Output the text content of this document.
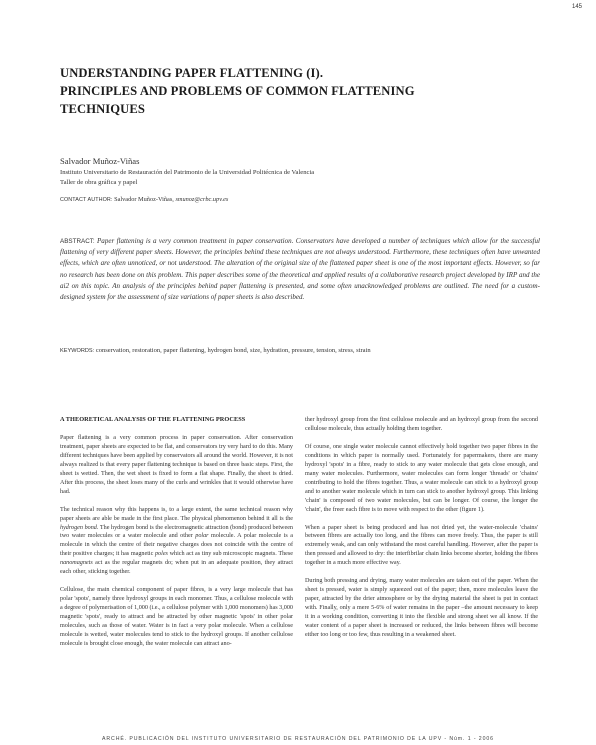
145
UNDERSTANDING PAPER FLATTENING (I).
PRINCIPLES AND PROBLEMS OF COMMON FLATTENING
TECHNIQUES
Salvador Muñoz-Viñas
Instituto Universitario de Restauración del Patrimonio de la Universidad Politécnica de Valencia
Taller de obra gráfica y papel
CONTACT AUTHOR: Salvador Muñoz-Viñas, smunoz@crbc.upv.es
ABSTRACT: Paper flattening is a very common treatment in paper conservation. Conservators have developed a number of techniques which allow for the successful flattening of very different paper sheets. However, the principles behind these techniques are not always understood. Furthermore, these techniques often have unwanted effects, which are often unnoticed, or not understood. The alteration of the original size of the flattened paper sheet is one of the most important effects. However, so far no research has been done on this problem. This paper describes some of the theoretical and applied results of a collaborative research project developed by IRP and the ai2 on this topic. An analysis of the principles behind paper flattening is presented, and some often unacknowledged problems are outlined. The need for a custom-designed system for the assessment of size variations of paper sheets is also described.
KEYWORDS: conservation, restoration, paper flattening, hydrogen bond, size, hydration, pressure, tension, stress, strain
A THEORETICAL ANALYSIS OF THE FLATTENING PROCESS

Paper flattening is a very common process in paper conservation. After conservation treatment, paper sheets are expected to be flat, and conservators try very hard to do this. Many different techniques have been applied by conservators all around the world. However, it is not always realized is that every paper flattening technique is based on three basic steps. First, the sheet is wetted. Then, the wet sheet is fixed to form a flat shape. Finally, the sheet is dried. After this process, the sheet loses many of the curls and wrinkles that it would otherwise have had.

The technical reason why this happens is, to a large extent, the same technical reason why paper sheets are able be made in the first place. The physical phenomenon behind it all is the hydrogen bond. The hydrogen bond is the electromagnetic attraction (bond) produced between two water molecules or a water molecule and other polar molecule. A polar molecule is a molecule in which the centre of their negative charges does not coincide with the centre of their positive charges; it has magnetic poles which act as tiny sub microscopic magnets. These nanomagnets act as the regular magnets do; when put in an adequate position, they attract each other, sticking together.

Cellulose, the main chemical component of paper fibres, is a very large molecule that has polar 'spots', namely three hydroxyl groups in each monomer. Thus, a cellulose molecule with a degree of polymerisation of 1,000 (i.e., a cellulose polymer with 1,000 monomers) has 3,000 magnetic 'spots', ready to attract and be attracted by other magnetic 'spots' in other polar molecules, such as those of water. Water is in fact a very polar molecule. When a cellulose molecule is wetted, water molecules tend to stick to the hydroxyl groups. If another cellulose molecule is brought close enough, the water molecule can attract ano-

ther hydroxyl group from the first cellulose molecule and an hydroxyl group from the second cellulose molecule, thus actually holding them together.

Of course, one single water molecule cannot effectively hold together two paper fibres in the conditions in which paper is normally used. Fortunately for papermakers, there are many hydroxyl 'spots' in a fibre, ready to stick to any water molecule that gets close enough, and many water molecules. Furthermore, water molecules can form longer 'threads' or 'chains' contributing to hold the fibres together. Thus, a water molecule can stick to a hydroxyl group and to another water molecule which in turn can stick to another hydroxyl group. This linking 'chain' is composed of two water molecules, but can be longer. Of course, the longer the 'chain', the freer each fibre is to move with respect to the other (figure 1).

When a paper sheet is being produced and has not dried yet, the water-molecule 'chains' between fibres are actually too long, and the fibres can move freely. Thus, the paper is still extremely weak, and can only withstand the most careful handling. However, after the paper is then pressed and allowed to dry: the interfibrilar chain links become shorter, holding the fibres together in a much more effective way.

During both pressing and drying, many water molecules are taken out of the paper. When the sheet is pressed, water is simply squeezed out of the paper; then, more molecules leave the paper, attracted by the drier atmosphere or by the drying material the sheet is put in contact with. Finally, only a mere 5-6% of water remains in the paper –the amount necessary to keep it in a working condition, converting it into the flexible and strong sheet we all know. If the water content of a paper sheet is increased or reduced, the links between fibres will become either too long or too few, thus resulting in a weakened sheet.

ARCHÉ. PUBLICACIÓN DEL INSTITUTO UNIVERSITARIO DE RESTAURACIÓN DEL PATRIMONIO DE LA UPV - Núm. 1 - 2006
